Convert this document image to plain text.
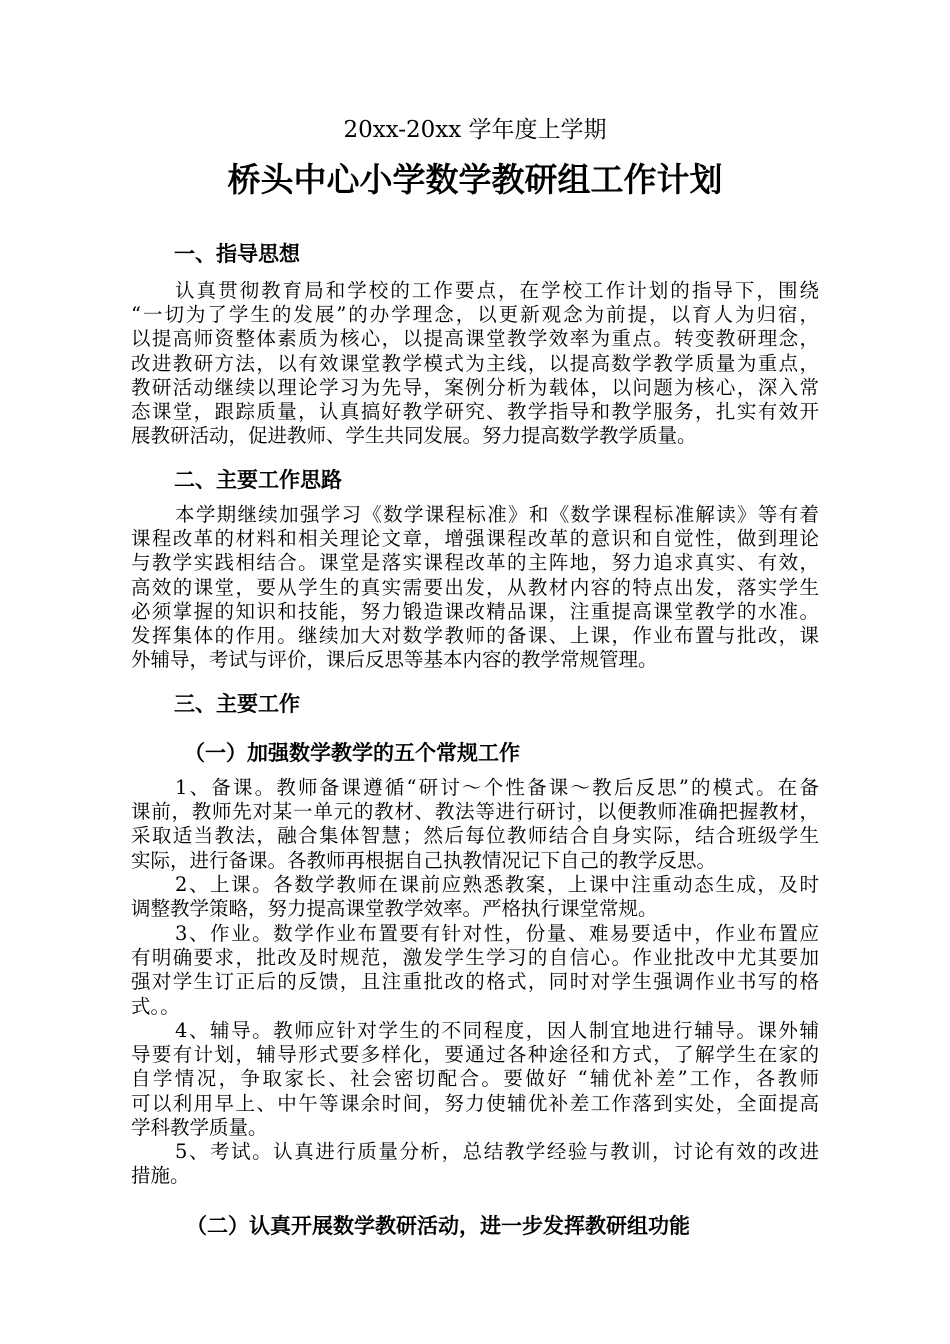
20xx-20xx 学年度上学期
桥头中心小学数学教研组工作计划
一、指导思想
认真贯彻教育局和学校的工作要点，在学校工作计划的指导下，围绕
“一切为了学生的发展”的办学理念，以更新观念为前提，以育人为归宿，
以提高师资整体素质为核心，以提高课堂教学效率为重点。转变教研理念，
改进教研方法，以有效课堂教学模式为主线，以提高数学教学质量为重点，
教研活动继续以理论学习为先导，案例分析为载体，以问题为核心，深入常
态课堂，跟踪质量，认真搞好教学研究、教学指导和教学服务，扎实有效开
展教研活动，促进教师、学生共同发展。努力提高数学教学质量。
二、主要工作思路
本学期继续加强学习《数学课程标准》和《数学课程标准解读》等有着
课程改革的材料和相关理论文章，增强课程改革的意识和自觉性，做到理论
与教学实践相结合。课堂是落实课程改革的主阵地，努力追求真实、有效，
高效的课堂，要从学生的真实需要出发，从教材内容的特点出发，落实学生
必须掌握的知识和技能，努力锻造课改精品课，注重提高课堂教学的水准。
发挥集体的作用。继续加大对数学教师的备课、上课，作业布置与批改，课
外辅导，考试与评价，课后反思等基本内容的教学常规管理。
三、主要工作
（一）加强数学教学的五个常规工作
1、备课。教师备课遵循“研讨～个性备课～教后反思”的模式。在备
课前，教师先对某一单元的教材、教法等进行研讨，以便教师准确把握教材，
采取适当教法，融合集体智慧；然后每位教师结合自身实际，结合班级学生
实际，进行备课。各教师再根据自己执教情况记下自己的教学反思。
2、上课。各数学教师在课前应熟悉教案，上课中注重动态生成，及时
调整教学策略，努力提高课堂教学效率。严格执行课堂常规。
3、作业。数学作业布置要有针对性，份量、难易要适中，作业布置应
有明确要求，批改及时规范，激发学生学习的自信心。作业批改中尤其要加
强对学生订正后的反馈，且注重批改的格式，同时对学生强调作业书写的格
式。。
4、辅导。教师应针对学生的不同程度，因人制宜地进行辅导。课外辅
导要有计划，辅导形式要多样化，要通过各种途径和方式，了解学生在家的
自学情况，争取家长、社会密切配合。要做好 “辅优补差”工作，各教师
可以利用早上、中午等课余时间，努力使辅优补差工作落到实处，全面提高
学科教学质量。
5、考试。认真进行质量分析，总结教学经验与教训，讨论有效的改进
措施。
（二）认真开展数学教研活动，进一步发挥教研组功能
